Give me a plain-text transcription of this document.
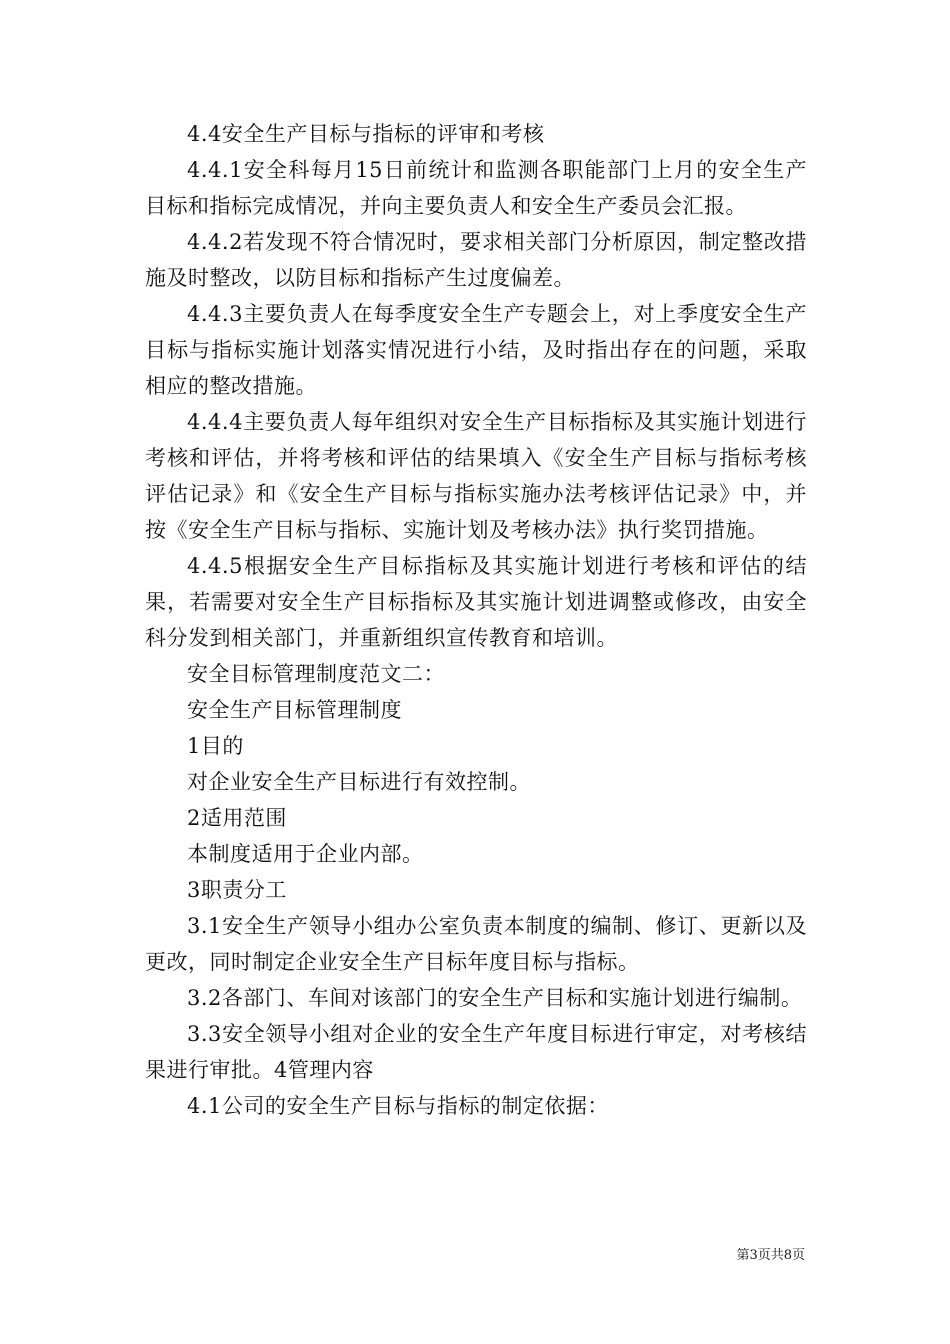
4.4安全生产目标与指标的评审和考核

4.4.1安全科每月15日前统计和监测各职能部门上月的安全生产目标和指标完成情况，并向主要负责人和安全生产委员会汇报。

4.4.2若发现不符合情况时，要求相关部门分析原因，制定整改措施及时整改，以防目标和指标产生过度偏差。

4.4.3主要负责人在每季度安全生产专题会上，对上季度安全生产目标与指标实施计划落实情况进行小结，及时指出存在的问题，采取相应的整改措施。

4.4.4主要负责人每年组织对安全生产目标指标及其实施计划进行考核和评估，并将考核和评估的结果填入《安全生产目标与指标考核评估记录》和《安全生产目标与指标实施办法考核评估记录》中，并按《安全生产目标与指标、实施计划及考核办法》执行奖罚措施。

4.4.5根据安全生产目标指标及其实施计划进行考核和评估的结果，若需要对安全生产目标指标及其实施计划进调整或修改，由安全科分发到相关部门，并重新组织宣传教育和培训。

安全目标管理制度范文二：

安全生产目标管理制度

1目的

对企业安全生产目标进行有效控制。

2适用范围

本制度适用于企业内部。

3职责分工

3.1安全生产领导小组办公室负责本制度的编制、修订、更新以及更改，同时制定企业安全生产目标年度目标与指标。

3.2各部门、车间对该部门的安全生产目标和实施计划进行编制。

3.3安全领导小组对企业的安全生产年度目标进行审定，对考核结果进行审批。4管理内容

4.1公司的安全生产目标与指标的制定依据：

第3页共8页
